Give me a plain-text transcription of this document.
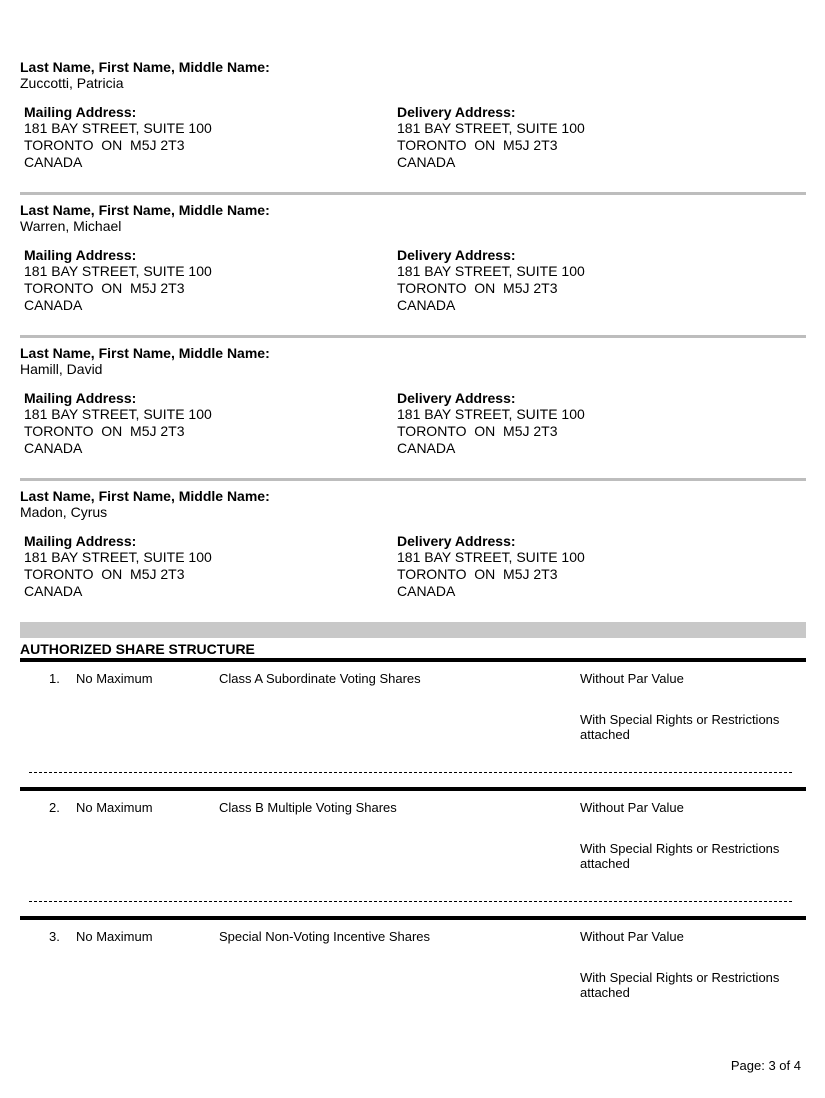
Last Name, First Name, Middle Name:
Zuccotti, Patricia
Mailing Address:
181 BAY STREET, SUITE 100
TORONTO  ON  M5J 2T3
CANADA
Delivery Address:
181 BAY STREET, SUITE 100
TORONTO  ON  M5J 2T3
CANADA
Last Name, First Name, Middle Name:
Warren, Michael
Mailing Address:
181 BAY STREET, SUITE 100
TORONTO  ON  M5J 2T3
CANADA
Delivery Address:
181 BAY STREET, SUITE 100
TORONTO  ON  M5J 2T3
CANADA
Last Name, First Name, Middle Name:
Hamill, David
Mailing Address:
181 BAY STREET, SUITE 100
TORONTO  ON  M5J 2T3
CANADA
Delivery Address:
181 BAY STREET, SUITE 100
TORONTO  ON  M5J 2T3
CANADA
Last Name, First Name, Middle Name:
Madon, Cyrus
Mailing Address:
181 BAY STREET, SUITE 100
TORONTO  ON  M5J 2T3
CANADA
Delivery Address:
181 BAY STREET, SUITE 100
TORONTO  ON  M5J 2T3
CANADA
AUTHORIZED SHARE STRUCTURE
1. No Maximum	Class A Subordinate Voting Shares	Without Par Value
With Special Rights or Restrictions attached
2. No Maximum	Class B Multiple Voting Shares	Without Par Value
With Special Rights or Restrictions attached
3. No Maximum	Special Non-Voting Incentive Shares	Without Par Value
With Special Rights or Restrictions attached
Page: 3 of 4
